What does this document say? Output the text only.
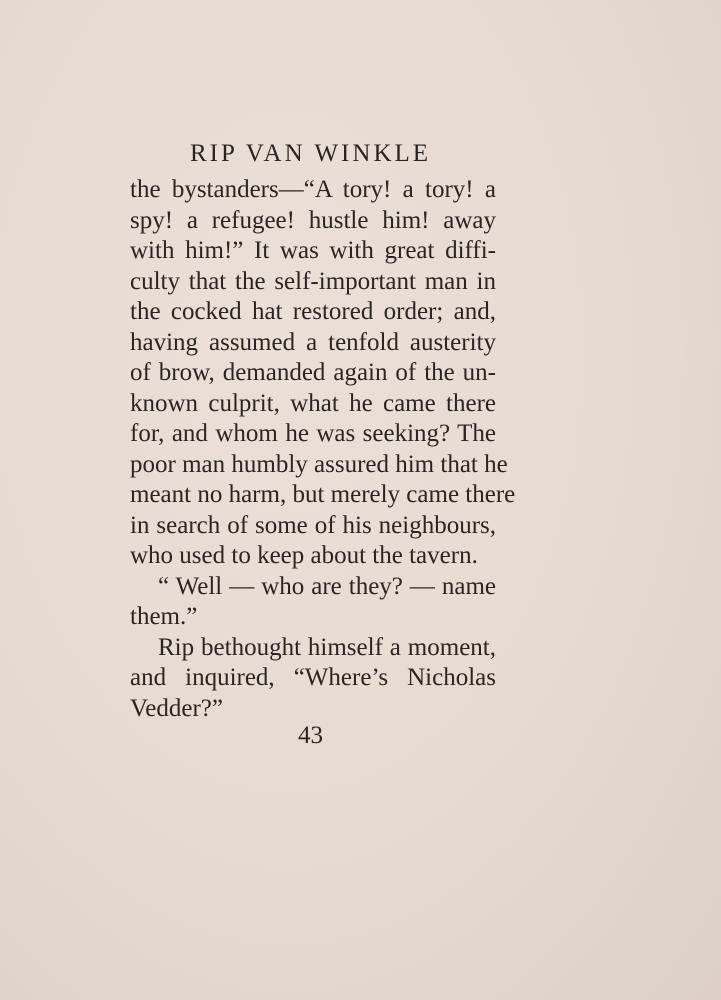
RIP VAN WINKLE
the bystanders—“A tory! a tory! a
spy! a refugee! hustle him! away
with him!” It was with great diffi-
culty that the self-important man in
the cocked hat restored order; and,
having assumed a tenfold austerity
of brow, demanded again of the un-
known culprit, what he came there
for, and whom he was seeking? The
poor man humbly assured him that he
meant no harm, but merely came there
in search of some of his neighbours,
who used to keep about the tavern.
“ Well — who are they? — name
them.”
Rip bethought himself a moment,
and inquired, “Where’s Nicholas
Vedder?”
43
